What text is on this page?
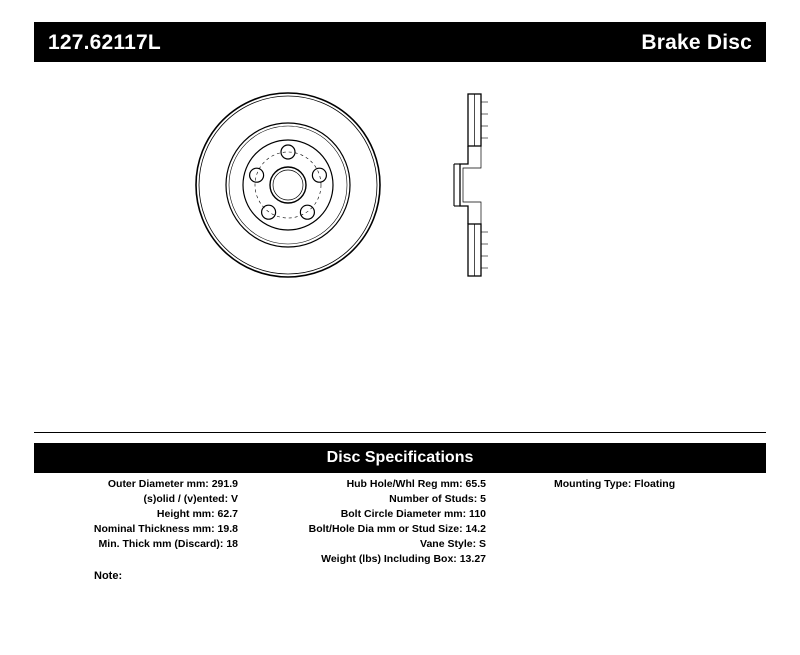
127.62117L	Brake Disc
Disc Specifications
Outer Diameter mm: 291.9
(s)olid / (v)ented: V
Height mm: 62.7
Nominal Thickness mm: 19.8
Min. Thick mm (Discard): 18
Hub Hole/Whl Reg mm: 65.5
Number of Studs: 5
Bolt Circle Diameter mm: 110
Bolt/Hole Dia mm or Stud Size: 14.2
Vane Style: S
Weight (lbs) Including Box: 13.27
Mounting Type: Floating
Note:
